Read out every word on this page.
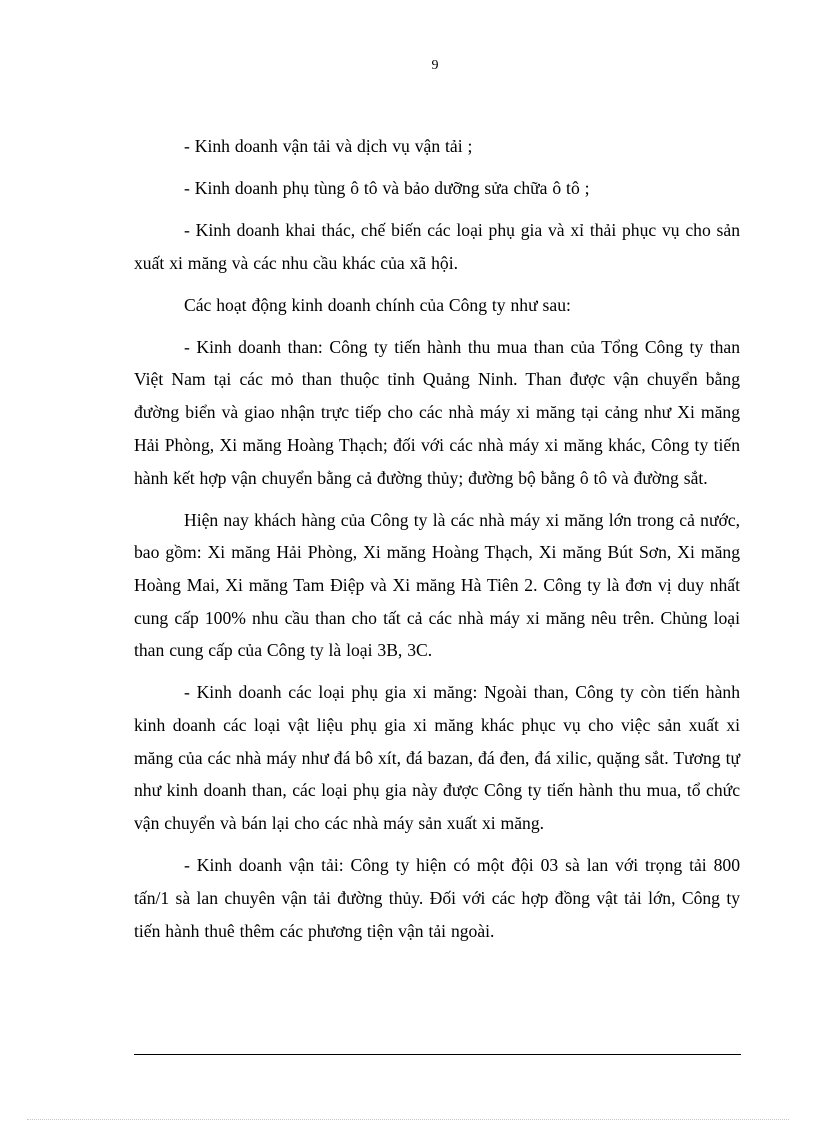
9

- Kinh doanh vận tải và dịch vụ vận tải ;

- Kinh doanh phụ tùng ô tô và bảo dưỡng sửa chữa ô tô ;

- Kinh doanh khai thác, chế biến các loại phụ gia và xỉ thải phục vụ cho sản xuất xi măng và các nhu cầu khác của xã hội.

Các hoạt động kinh doanh chính của Công ty như sau:

- Kinh doanh than: Công ty tiến hành thu mua than của Tổng Công ty than Việt Nam tại các mỏ than thuộc tỉnh Quảng Ninh. Than được vận chuyển bằng đường biển và giao nhận trực tiếp cho các nhà máy xi măng tại cảng như Xi măng Hải Phòng, Xi măng Hoàng Thạch; đối với các nhà máy xi măng khác, Công ty tiến hành kết hợp vận chuyển bằng cả đường thủy; đường bộ bằng ô tô và đường sắt.

Hiện nay khách hàng của Công ty là các nhà máy xi măng lớn trong cả nước, bao gồm: Xi măng Hải Phòng, Xi măng Hoàng Thạch, Xi măng Bút Sơn, Xi măng Hoàng Mai, Xi măng Tam Điệp và Xi măng Hà Tiên 2. Công ty là đơn vị duy nhất cung cấp 100% nhu cầu than cho tất cả các nhà máy xi măng nêu trên. Chủng loại than cung cấp của Công ty là loại 3B, 3C.

- Kinh doanh các loại phụ gia xi măng: Ngoài than, Công ty còn tiến hành kinh doanh các loại vật liệu phụ gia xi măng khác phục vụ cho việc sản xuất xi măng của các nhà máy như đá bô xít, đá bazan, đá đen, đá xilic, quặng sắt. Tương tự như kinh doanh than, các loại phụ gia này được Công ty tiến hành thu mua, tổ chức vận chuyển và bán lại cho các nhà máy sản xuất xi măng.

- Kinh doanh vận tải: Công ty hiện có một đội 03 sà lan với trọng tải 800 tấn/1 sà lan chuyên vận tải đường thủy. Đối với các hợp đồng vật tải lớn, Công ty tiến hành thuê thêm các phương tiện vận tải ngoài.
